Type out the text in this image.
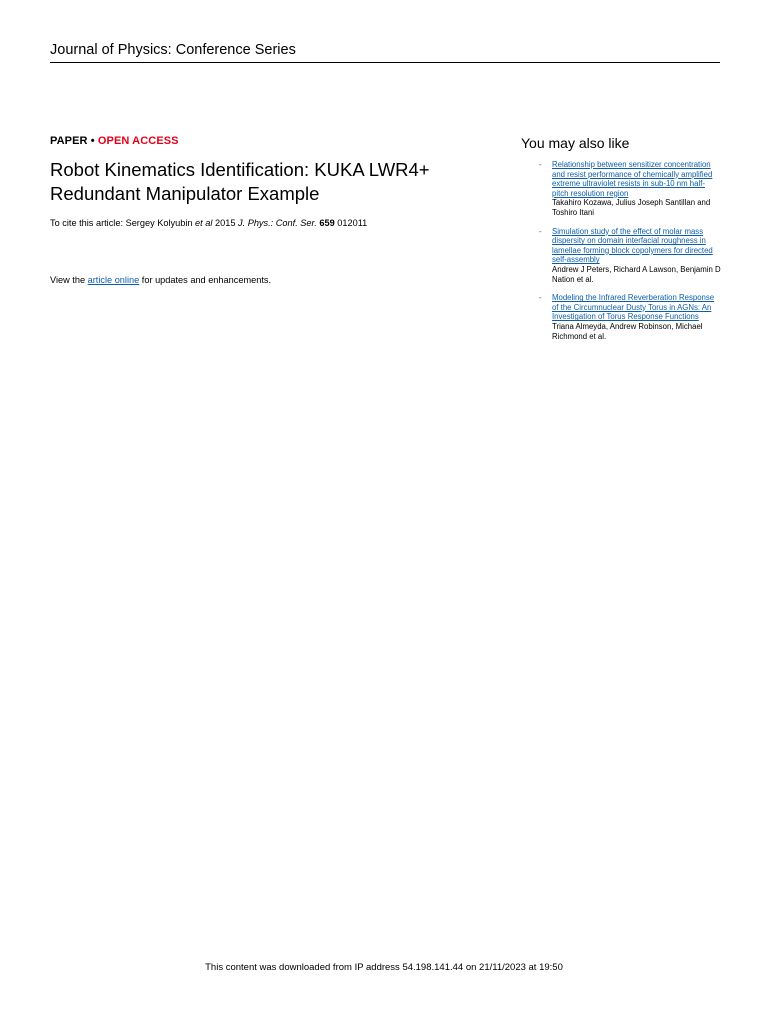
Journal of Physics: Conference Series
PAPER • OPEN ACCESS
Robot Kinematics Identification: KUKA LWR4+
Redundant Manipulator Example
To cite this article: Sergey Kolyubin et al 2015 J. Phys.: Conf. Ser. 659 012011
View the article online for updates and enhancements.
You may also like
-	Relationship between sensitizer concentration and resist performance of chemically amplified extreme ultraviolet resists in sub-10 nm half-pitch resolution region
Takahiro Kozawa, Julius Joseph Santillan and Toshiro Itani
-	Simulation study of the effect of molar mass dispersity on domain interfacial roughness in lamellae forming block copolymers for directed self-assembly
Andrew J Peters, Richard A Lawson, Benjamin D Nation et al.
-	Modeling the Infrared Reverberation Response of the Circumnuclear Dusty Torus in AGNs: An Investigation of Torus Response Functions
Triana Almeyda, Andrew Robinson, Michael Richmond et al.
This content was downloaded from IP address 54.198.141.44 on 21/11/2023 at 19:50
